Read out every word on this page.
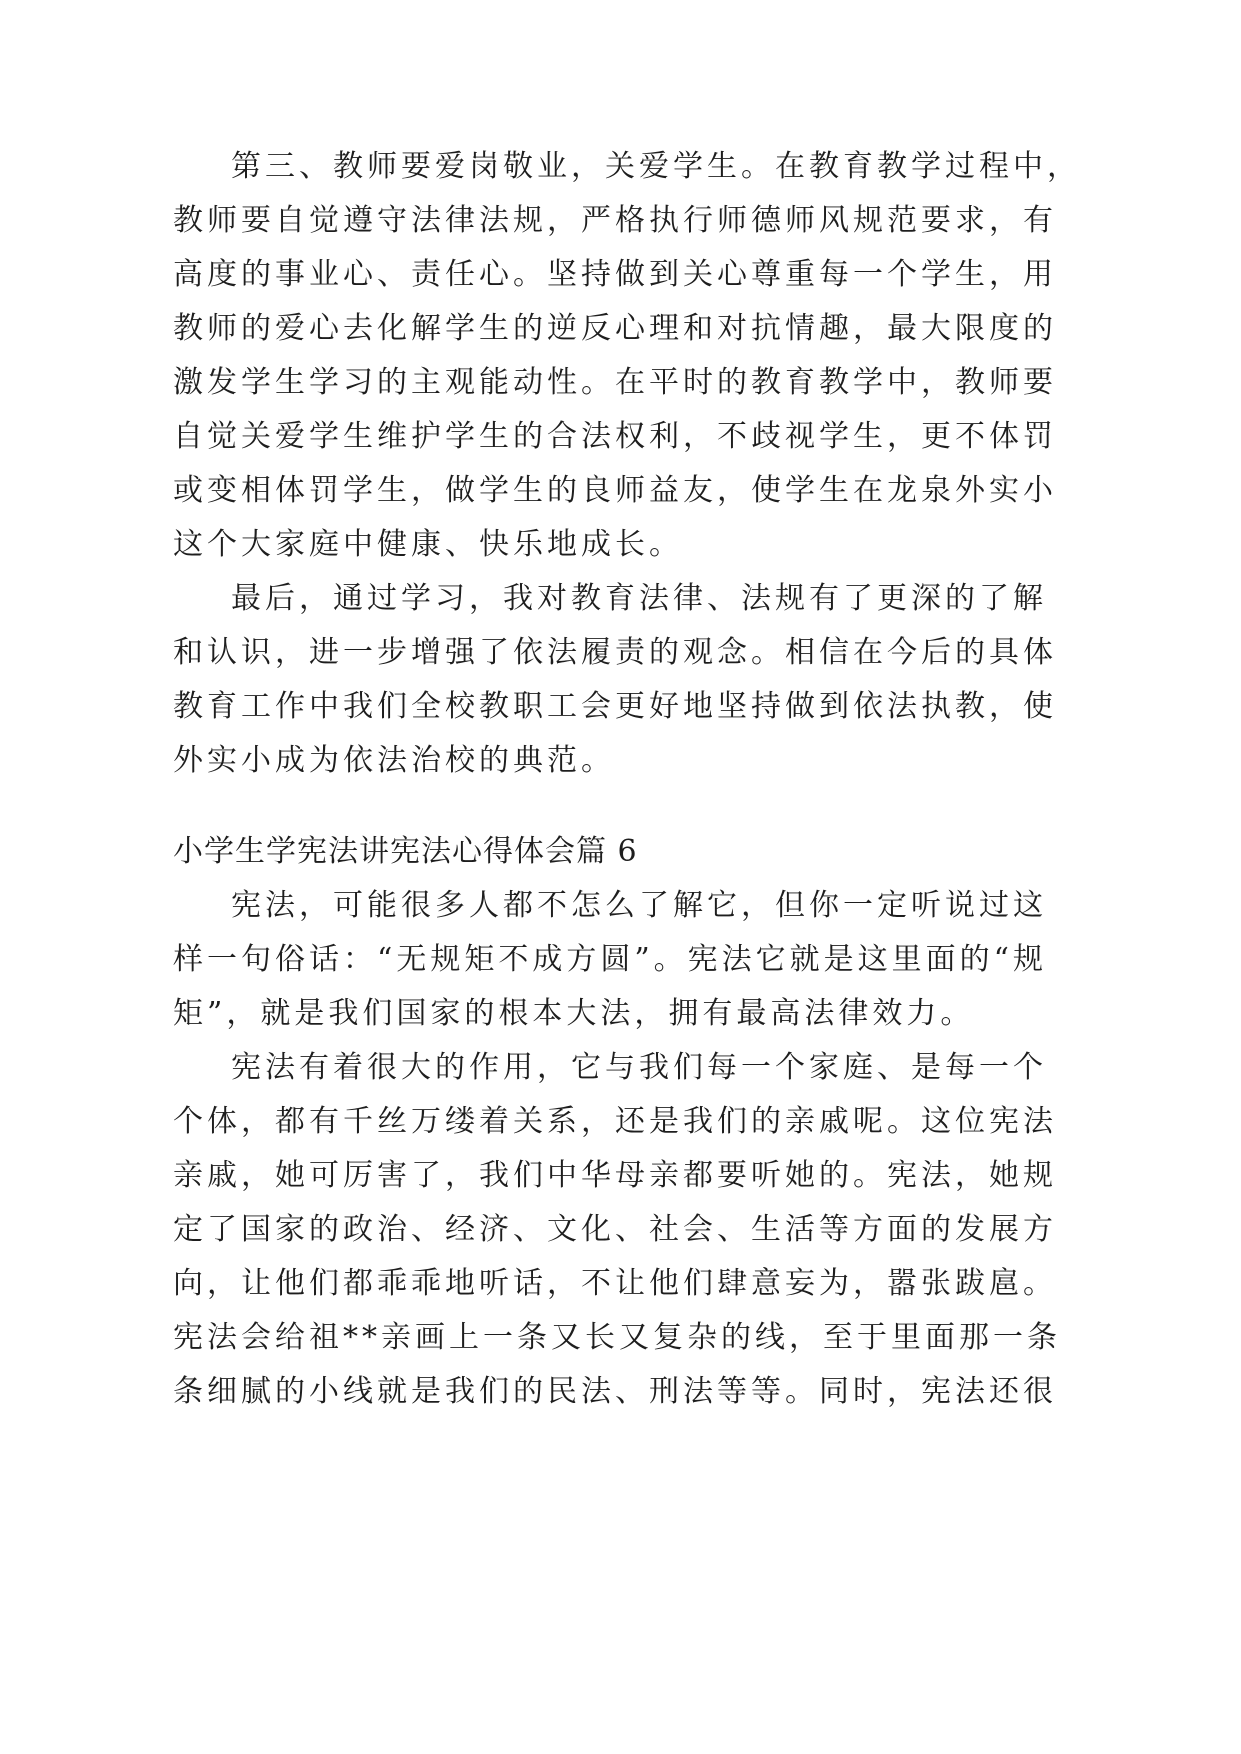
第三、教师要爱岗敬业，关爱学生。在教育教学过程中，

教师要自觉遵守法律法规，严格执行师德师风规范要求，有

高度的事业心、责任心。坚持做到关心尊重每一个学生，用

教师的爱心去化解学生的逆反心理和对抗情趣，最大限度的

激发学生学习的主观能动性。在平时的教育教学中，教师要

自觉关爱学生维护学生的合法权利，不歧视学生，更不体罚

或变相体罚学生，做学生的良师益友，使学生在龙泉外实小

这个大家庭中健康、快乐地成长。

最后，通过学习，我对教育法律、法规有了更深的了解

和认识，进一步增强了依法履责的观念。相信在今后的具体

教育工作中我们全校教职工会更好地坚持做到依法执教，使

外实小成为依法治校的典范。

小学生学宪法讲宪法心得体会篇 6

宪法，可能很多人都不怎么了解它，但你一定听说过这

样一句俗话：“无规矩不成方圆”。宪法它就是这里面的“规

矩”，就是我们国家的根本大法，拥有最高法律效力。

宪法有着很大的作用，它与我们每一个家庭、是每一个

个体，都有千丝万缕着关系，还是我们的亲戚呢。这位宪法

亲戚，她可厉害了，我们中华母亲都要听她的。宪法，她规

定了国家的政治、经济、文化、社会、生活等方面的发展方

向，让他们都乖乖地听话，不让他们肆意妄为，嚣张跋扈。

宪法会给祖**亲画上一条又长又复杂的线，至于里面那一条

条细腻的小线就是我们的民法、刑法等等。同时，宪法还很
